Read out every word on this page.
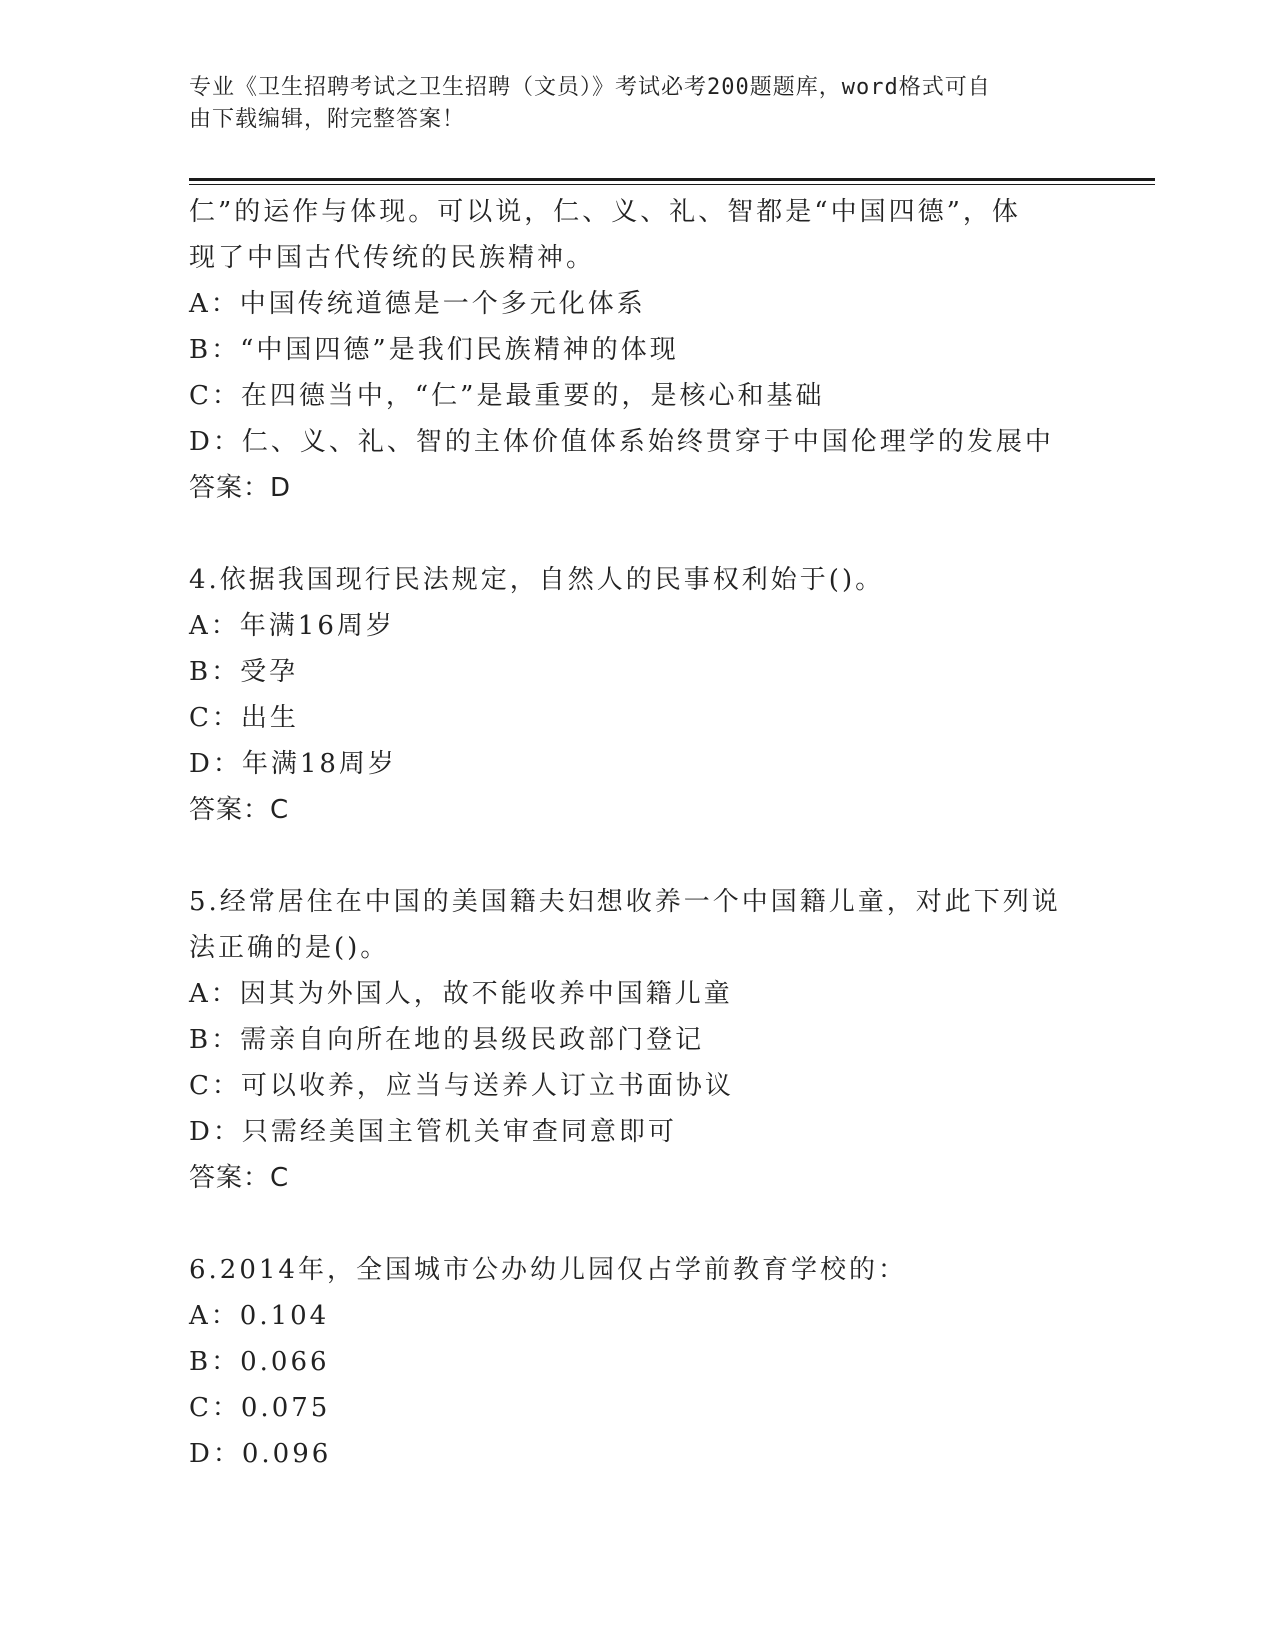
专业《卫生招聘考试之卫生招聘（文员）》考试必考200题题库，word格式可自
由下载编辑，附完整答案！
仁”的运作与体现。可以说，仁、义、礼、智都是“中国四德”，体
现了中国古代传统的民族精神。
A：中国传统道德是一个多元化体系
B：“中国四德”是我们民族精神的体现
C：在四德当中，“仁”是最重要的，是核心和基础
D：仁、义、礼、智的主体价值体系始终贯穿于中国伦理学的发展中
答案：D
4.依据我国现行民法规定，自然人的民事权利始于()。
A：年满16周岁
B：受孕
C：出生
D：年满18周岁
答案：C
5.经常居住在中国的美国籍夫妇想收养一个中国籍儿童，对此下列说
法正确的是()。
A：因其为外国人，故不能收养中国籍儿童
B：需亲自向所在地的县级民政部门登记
C：可以收养，应当与送养人订立书面协议
D：只需经美国主管机关审查同意即可
答案：C
6.2014年，全国城市公办幼儿园仅占学前教育学校的：
A：0.104
B：0.066
C：0.075
D：0.096
